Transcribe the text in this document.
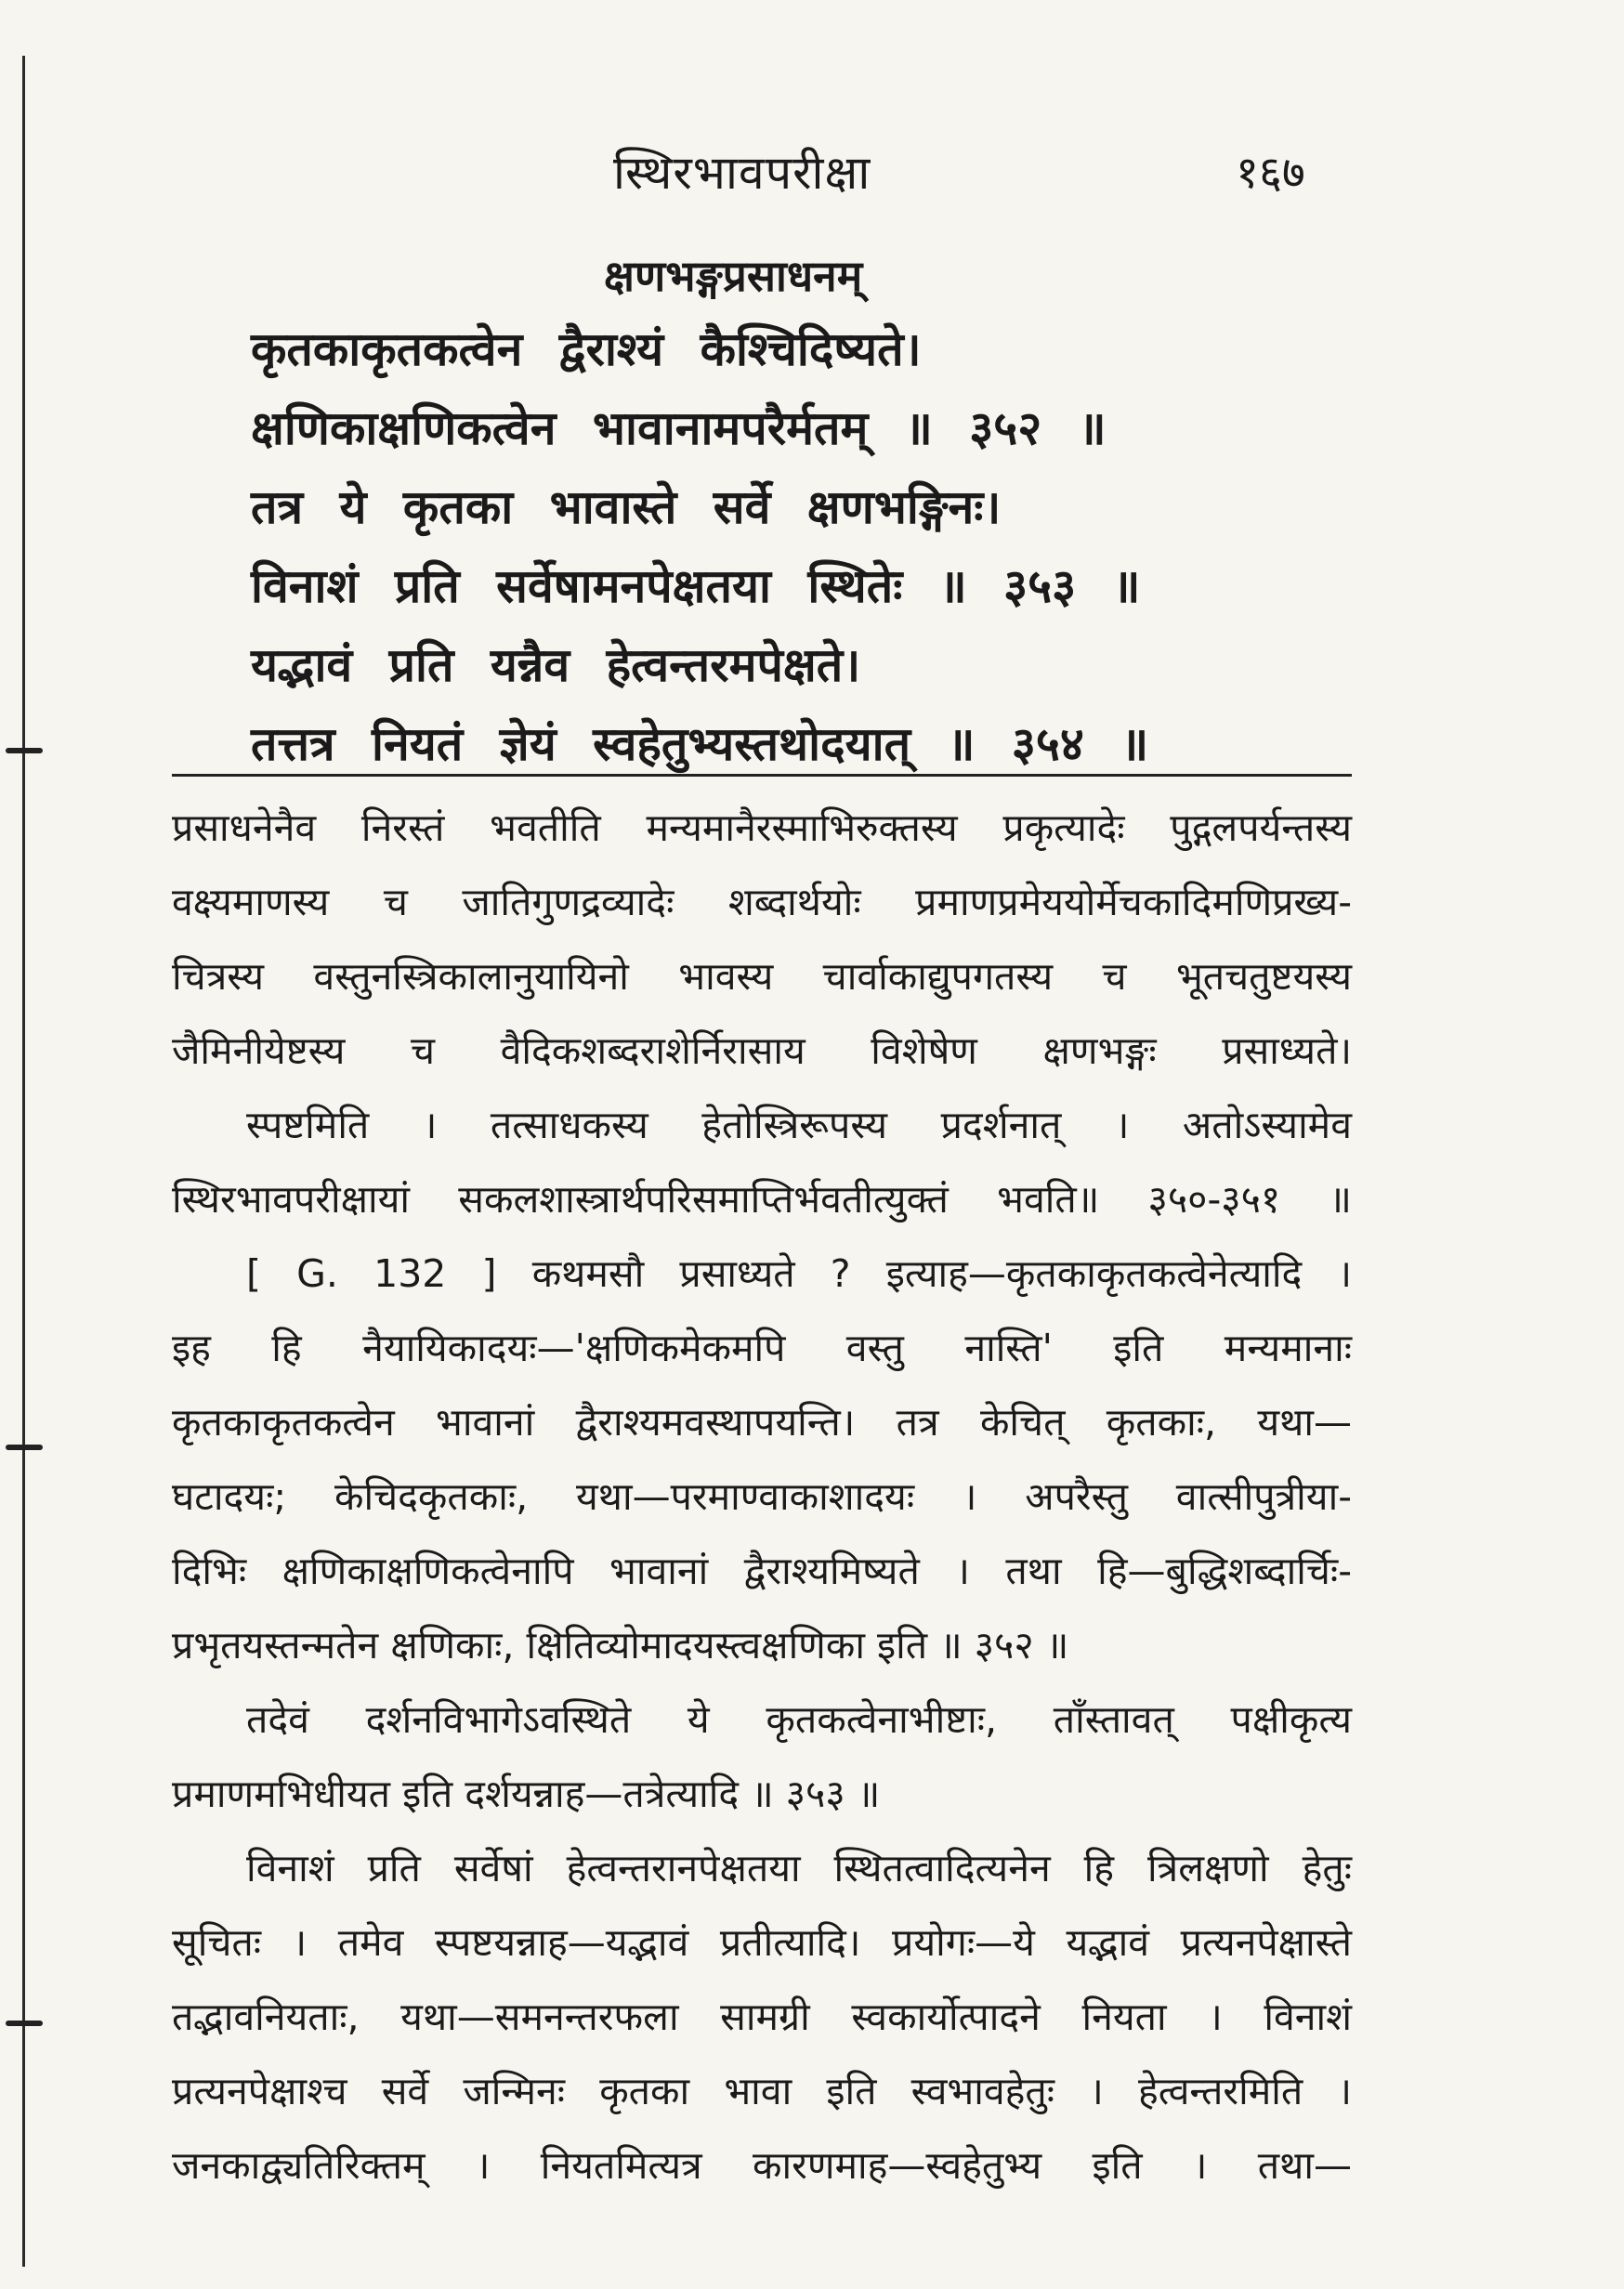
स्थिरभावपरीक्षा	१६७
क्षणभङ्गप्रसाधनम्
कृतकाकृतकत्वेन द्वैराश्यं कैश्चिदिष्यते।
क्षणिकाक्षणिकत्वेन भावानामपरैर्मतम् ॥ ३५२ ॥
तत्र ये कृतका भावास्ते सर्वे क्षणभङ्गिनः।
विनाशं प्रति सर्वेषामनपेक्षतया स्थितेः ॥ ३५३ ॥
यद्भावं प्रति यन्नैव हेत्वन्तरमपेक्षते।
तत्तत्र नियतं ज्ञेयं स्वहेतुभ्यस्तथोदयात् ॥ ३५४ ॥
प्रसाधनेनैव निरस्तं भवतीति मन्यमानैरस्माभिरुक्तस्य प्रकृत्यादेः पुद्गलपर्यन्तस्य
वक्ष्यमाणस्य च जातिगुणद्रव्यादेः शब्दार्थयोः प्रमाणप्रमेययोर्मेचकादिमणिप्रख्य-
चित्रस्य वस्तुनस्त्रिकालानुयायिनो भावस्य चार्वाकाद्युपगतस्य च भूतचतुष्टयस्य
जैमिनीयेष्टस्य च वैदिकशब्दराशेर्निरासाय विशेषेण क्षणभङ्गः प्रसाध्यते।
स्पष्टमिति । तत्साधकस्य हेतोस्त्रिरूपस्य प्रदर्शनात् । अतोऽस्यामेव
स्थिरभावपरीक्षायां सकलशास्त्रार्थपरिसमाप्तिर्भवतीत्युक्तं भवति॥ ३५०-३५१ ॥
[ G. 132 ] कथमसौ प्रसाध्यते ? इत्याह—कृतकाकृतकत्वेनेत्यादि ।
इह हि नैयायिकादयः—'क्षणिकमेकमपि वस्तु नास्ति' इति मन्यमानाः
कृतकाकृतकत्वेन भावानां द्वैराश्यमवस्थापयन्ति। तत्र केचित् कृतकाः, यथा—
घटादयः; केचिदकृतकाः, यथा—परमाण्वाकाशादयः । अपरैस्तु वात्सीपुत्रीया-
दिभिः क्षणिकाक्षणिकत्वेनापि भावानां द्वैराश्यमिष्यते । तथा हि—बुद्धिशब्दार्चिः-
प्रभृतयस्तन्मतेन क्षणिकाः, क्षितिव्योमादयस्त्वक्षणिका इति ॥ ३५२ ॥
तदेवं दर्शनविभागेऽवस्थिते ये कृतकत्वेनाभीष्टाः, ताँस्तावत् पक्षीकृत्य
प्रमाणमभिधीयत इति दर्शयन्नाह—तत्रेत्यादि ॥ ३५३ ॥
विनाशं प्रति सर्वेषां हेत्वन्तरानपेक्षतया स्थितत्वादित्यनेन हि त्रिलक्षणो हेतुः
सूचितः । तमेव स्पष्टयन्नाह—यद्भावं प्रतीत्यादि। प्रयोगः—ये यद्भावं प्रत्यनपेक्षास्ते
तद्भावनियताः, यथा—समनन्तरफला सामग्री स्वकार्योत्पादने नियता । विनाशं
प्रत्यनपेक्षाश्च सर्वे जन्मिनः कृतका भावा इति स्वभावहेतुः । हेत्वन्तरमिति ।
जनकाद्व्यतिरिक्तम् । नियतमित्यत्र कारणमाह—स्वहेतुभ्य इति । तथा—
